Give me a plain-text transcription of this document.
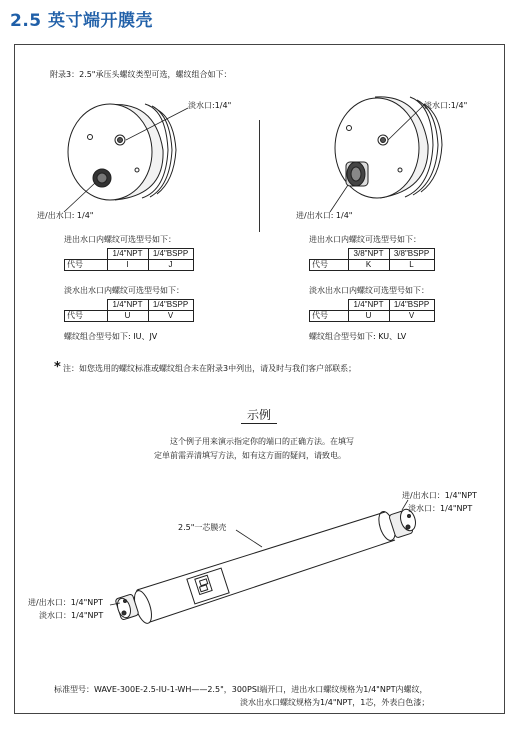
2.5 英寸端开膜壳
附录3：2.5"承压头螺纹类型可选，螺纹组合如下：
淡水口:1/4"
进/出水口: 1/4"
进出水口内螺纹可选型号如下：
	1/4"NPT	1/4"BSPP
代号	I	J
淡水出水口内螺纹可选型号如下：
	1/4"NPT	1/4"BSPP
代号	U	V
螺纹组合型号如下: IU、JV
淡水口:1/4"
进/出水口: 1/4"
进出水口内螺纹可选型号如下：
	3/8"NPT	3/8"BSPP
代号	K	L
淡水出水口内螺纹可选型号如下：
	1/4"NPT	1/4"BSPP
代号	U	V
螺纹组合型号如下: KU、LV
* 注：如您选用的螺纹标准或螺纹组合未在附录3中列出，请及时与我们客户部联系；
示例
这个例子用来演示指定你的端口的正确方法。在填写
定单前需弄清填写方法，如有这方面的疑问，请致电。
进/出水口：1/4"NPT
淡水口：1/4"NPT
2.5"一芯膜壳
进/出水口：1/4"NPT
淡水口：1/4"NPT
标准型号：WAVE-300E-2.5-IU-1-WH——2.5"，300PSI端开口，进出水口螺纹规格为1/4"NPT内螺纹，
淡水出水口螺纹规格为1/4"NPT，1芯，外表白色漆；
